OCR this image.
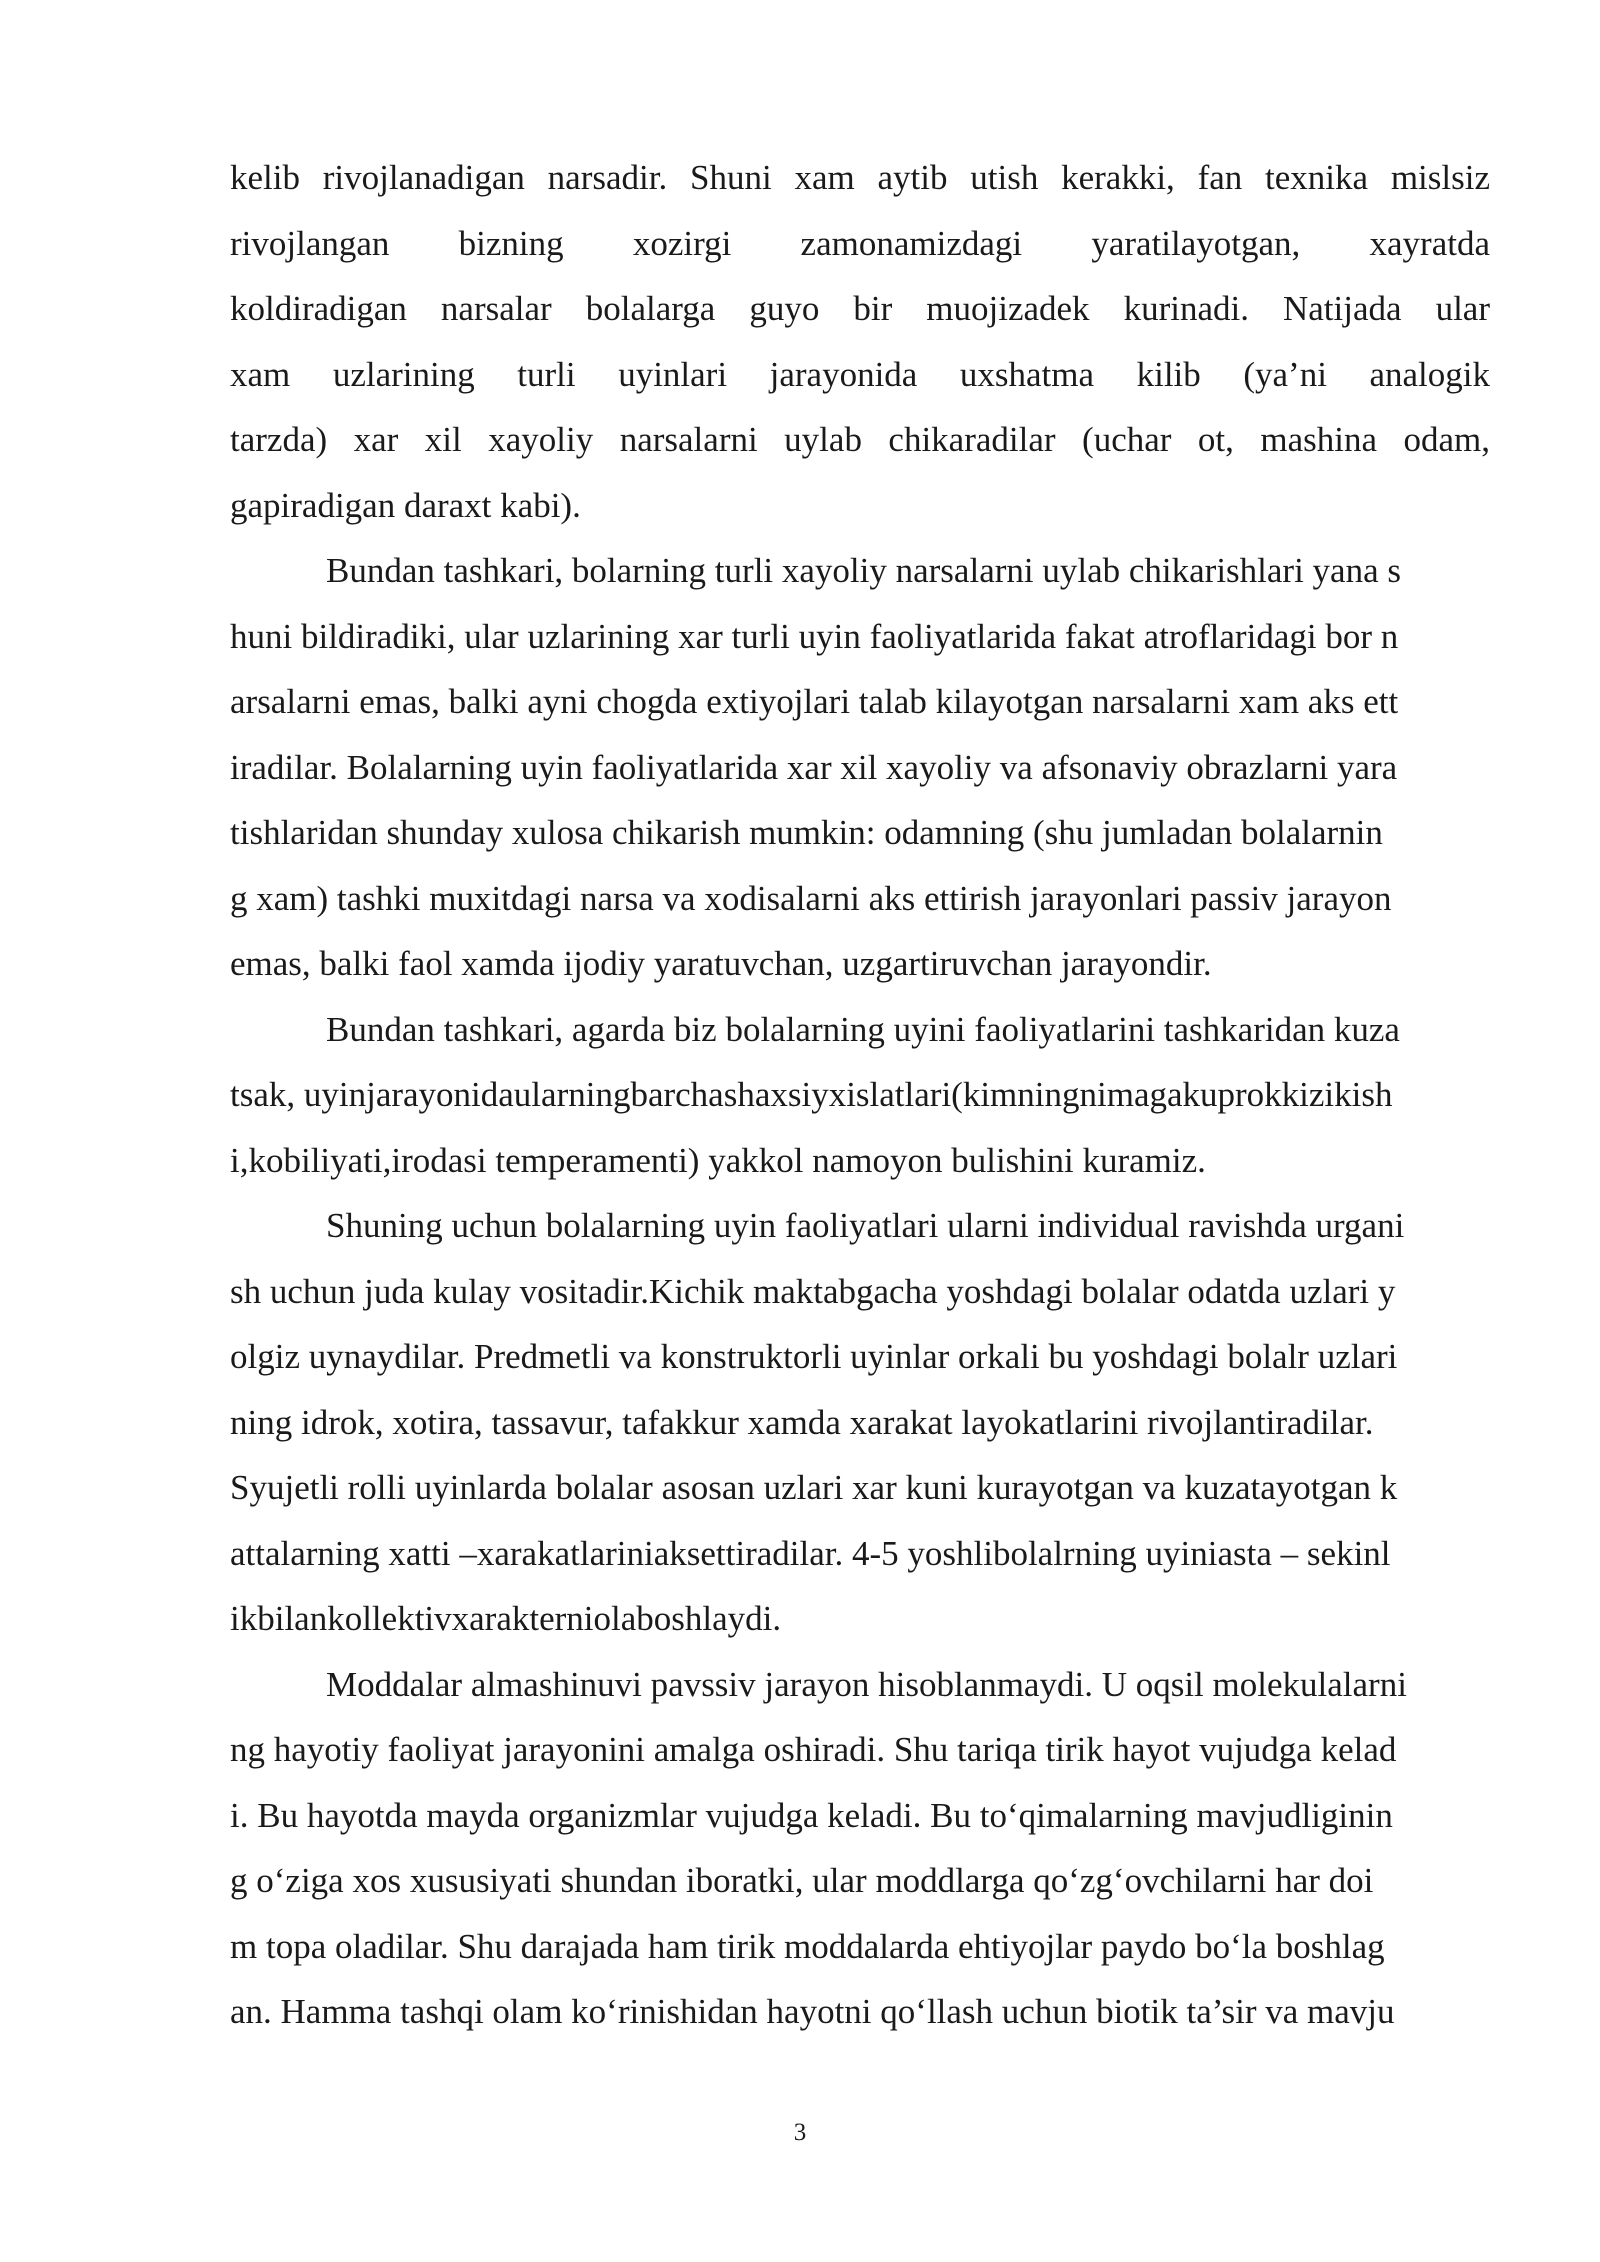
kelib rivojlanadigan narsadir. Shuni xam aytib utish kerakki, fan texnika mislsiz
rivojlangan bizning xozirgi zamonamizdagi yaratilayotgan, xayratda
koldiradigan narsalar bolalarga guyo bir muojizadek kurinadi. Natijada ular
xam uzlarining turli uyinlari jarayonida uxshatma kilib (ya’ni analogik
tarzda) xar xil xayoliy narsalarni uylab chikaradilar (uchar ot, mashina odam,
gapiradigan daraxt kabi).
Bundan tashkari, bolarning turli xayoliy narsalarni uylab chikarishlari yana s
huni bildiradiki, ular uzlarining xar turli uyin faoliyatlarida fakat atroflaridagi bor n
arsalarni emas, balki ayni chogda extiyojlari talab kilayotgan narsalarni xam aks ett
iradilar. Bolalarning uyin faoliyatlarida xar xil xayoliy va afsonaviy obrazlarni yara
tishlaridan shunday xulosa chikarish mumkin: odamning (shu jumladan bolalarnin
g xam) tashki muxitdagi narsa va xodisalarni aks ettirish jarayonlari passiv jarayon
emas, balki faol xamda ijodiy yaratuvchan, uzgartiruvchan jarayondir.
Bundan tashkari, agarda biz bolalarning uyini faoliyatlarini tashkaridan kuza
tsak, uyinjarayonidaularningbarchashaxsiyxislatlari(kimningnimagakuprokkizikish
i,kobiliyati,irodasi temperamenti) yakkol namoyon bulishini kuramiz.
Shuning uchun bolalarning uyin faoliyatlari ularni individual ravishda urgani
sh uchun juda kulay vositadir.Kichik maktabgacha yoshdagi bolalar odatda uzlari y
olgiz uynaydilar. Predmetli va konstruktorli uyinlar orkali bu yoshdagi bolalr uzlari
ning idrok, xotira, tassavur, tafakkur xamda xarakat layokatlarini rivojlantiradilar.
Syujetli rolli uyinlarda bolalar asosan uzlari xar kuni kurayotgan va kuzatayotgan k
attalarning xatti –xarakatlariniaksettiradilar. 4-5 yoshlibolalrning uyiniasta – sekinl
ikbilankollektivxarakterniolaboshlaydi.
Moddalar almashinuvi pavssiv jarayon hisoblanmaydi. U oqsil molekulalarni
ng hayotiy faoliyat jarayonini amalga oshiradi. Shu tariqa tirik hayot vujudga kelad
i. Bu hayotda mayda organizmlar vujudga keladi. Bu to‘qimalarning mavjudliginin
g o‘ziga xos xususiyati shundan iboratki, ular moddlarga qo‘zg‘ovchilarni har doi
m topa oladilar. Shu darajada ham tirik moddalarda ehtiyojlar paydo bo‘la boshlag
an. Hamma tashqi olam ko‘rinishidan hayotni qo‘llash uchun biotik ta’sir va mavju
3
